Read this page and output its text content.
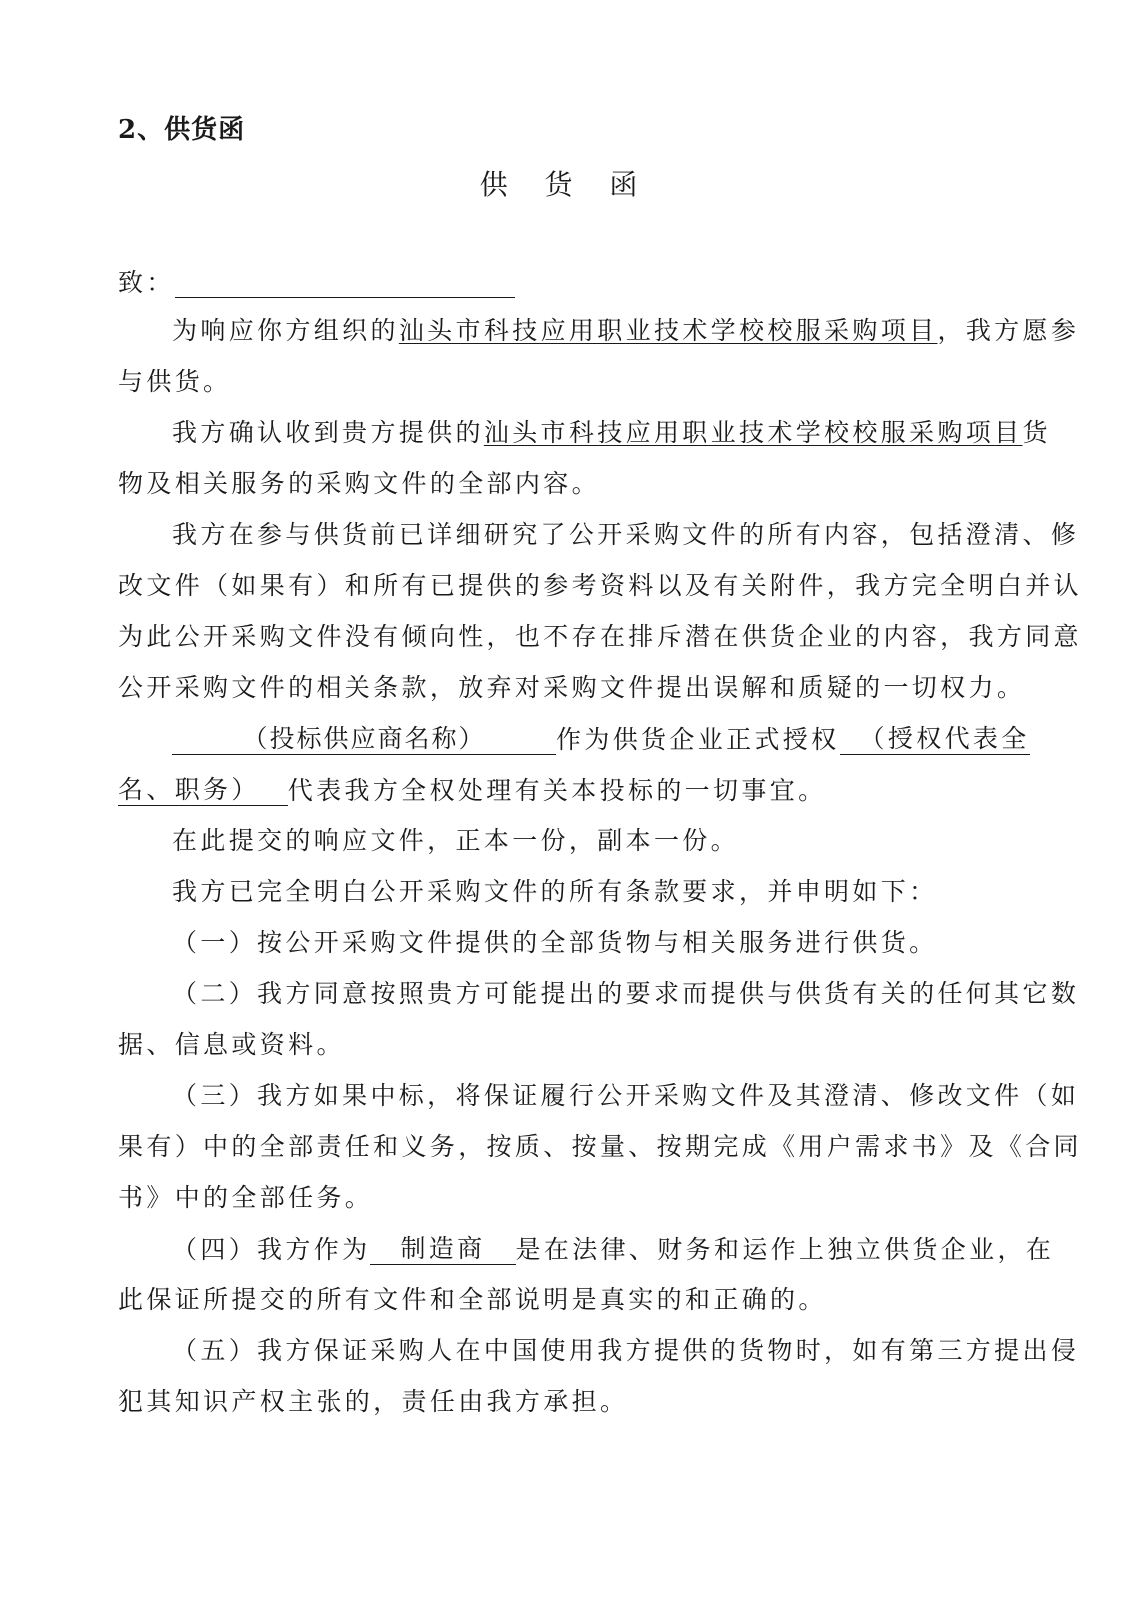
2、供货函
供 货 函
致：
为响应你方组织的汕头市科技应用职业技术学校校服采购项目，我方愿参
与供货。
我方确认收到贵方提供的汕头市科技应用职业技术学校校服采购项目货
物及相关服务的采购文件的全部内容。
我方在参与供货前已详细研究了公开采购文件的所有内容，包括澄清、修
改文件（如果有）和所有已提供的参考资料以及有关附件，我方完全明白并认
为此公开采购文件没有倾向性，也不存在排斥潜在供货企业的内容，我方同意
公开采购文件的相关条款，放弃对采购文件提出误解和质疑的一切权力。
（投标供应商名称）	作为供货企业正式授权 （授权代表全
名、职务） 代表我方全权处理有关本投标的一切事宜。
在此提交的响应文件，正本一份，副本一份。
我方已完全明白公开采购文件的所有条款要求，并申明如下：
（一）按公开采购文件提供的全部货物与相关服务进行供货。
（二）我方同意按照贵方可能提出的要求而提供与供货有关的任何其它数
据、信息或资料。
（三）我方如果中标，将保证履行公开采购文件及其澄清、修改文件（如
果有）中的全部责任和义务，按质、按量、按期完成《用户需求书》及《合同
书》中的全部任务。
（四）我方作为 制造商 是在法律、财务和运作上独立供货企业，在
此保证所提交的所有文件和全部说明是真实的和正确的。
（五）我方保证采购人在中国使用我方提供的货物时，如有第三方提出侵
犯其知识产权主张的，责任由我方承担。
